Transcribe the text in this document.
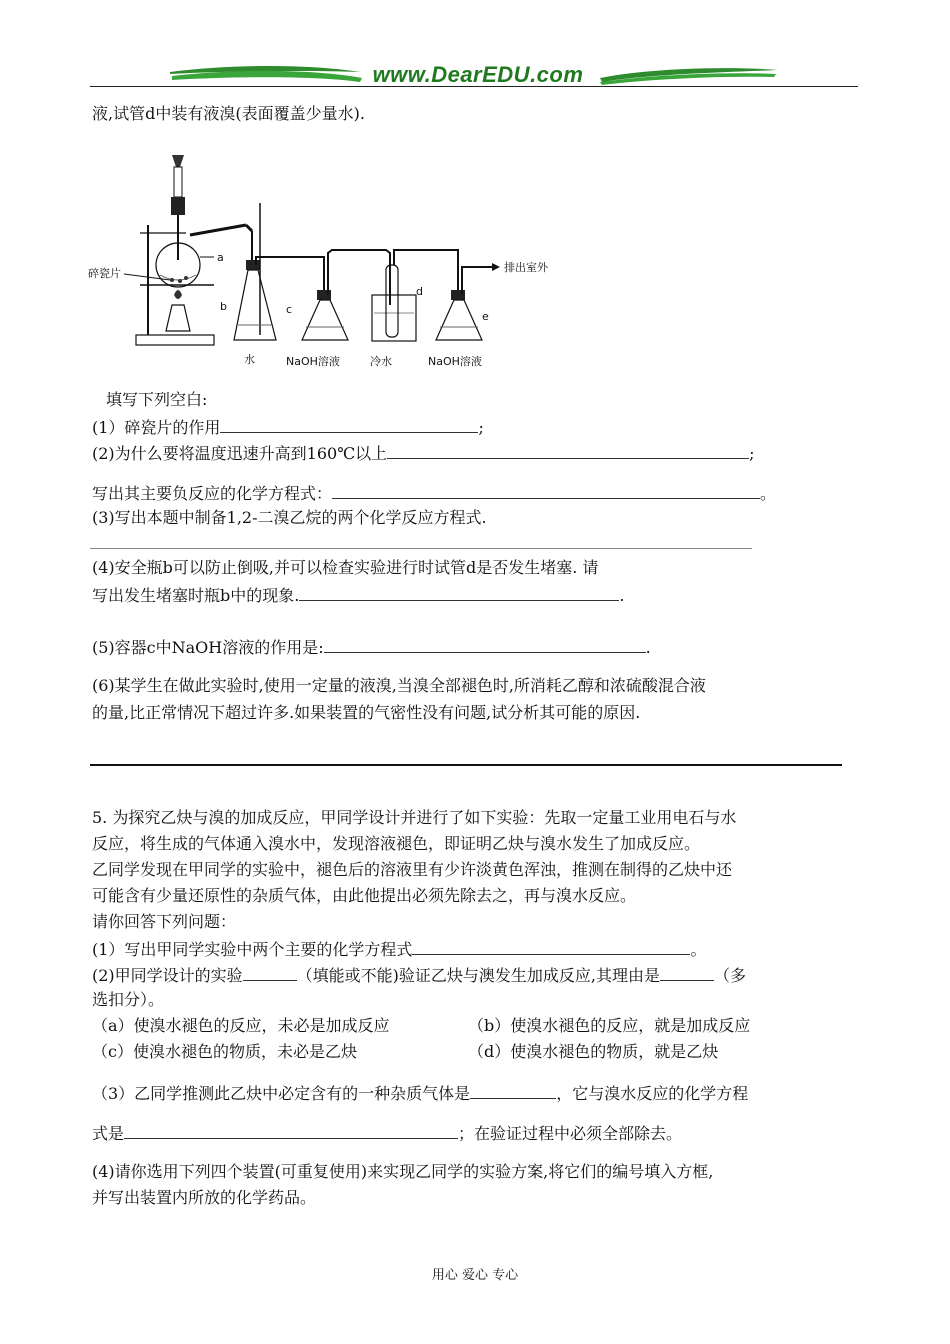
www.DearEDU.com
液,试管d中装有液溴(表面覆盖少量水).
a
碎瓷片
b
水
c
NaOH溶液
d
冷水
e
NaOH溶液
排出室外
填写下列空白:
(1）碎瓷片的作用	;
(2)为什么要将温度迅速升高到160℃以上	;
写出其主要负反应的化学方程式：	。
(3)写出本题中制备1,2-二溴乙烷的两个化学反应方程式.
(4)安全瓶b可以防止倒吸,并可以检查实验进行时试管d是否发生堵塞. 请
写出发生堵塞时瓶b中的现象.	.
(5)容器c中NaOH溶液的作用是:	.
(6)某学生在做此实验时,使用一定量的液溴,当溴全部褪色时,所消耗乙醇和浓硫酸混合液
的量,比正常情况下超过许多.如果装置的气密性没有问题,试分析其可能的原因.
5. 为探究乙炔与溴的加成反应，甲同学设计并进行了如下实验：先取一定量工业用电石与水
反应，将生成的气体通入溴水中，发现溶液褪色，即证明乙炔与溴水发生了加成反应。
乙同学发现在甲同学的实验中，褪色后的溶液里有少许淡黄色浑浊，推测在制得的乙炔中还
可能含有少量还原性的杂质气体，由此他提出必须先除去之，再与溴水反应。
请你回答下列问题：
(1）写出甲同学实验中两个主要的化学方程式	。
(2)甲同学设计的实验	（填能或不能)验证乙炔与澳发生加成反应,其理由是	（多
选扣分）。
（a）使溴水褪色的反应，未必是加成反应	（b）使溴水褪色的反应，就是加成反应
（c）使溴水褪色的物质，未必是乙炔	（d）使溴水褪色的物质，就是乙炔
（3）乙同学推测此乙炔中必定含有的一种杂质气体是	，它与溴水反应的化学方程
式是	；在验证过程中必须全部除去。
(4)请你选用下列四个装置(可重复使用)来实现乙同学的实验方案,将它们的编号填入方框,
并写出装置内所放的化学药品。
用心 爱心 专心
